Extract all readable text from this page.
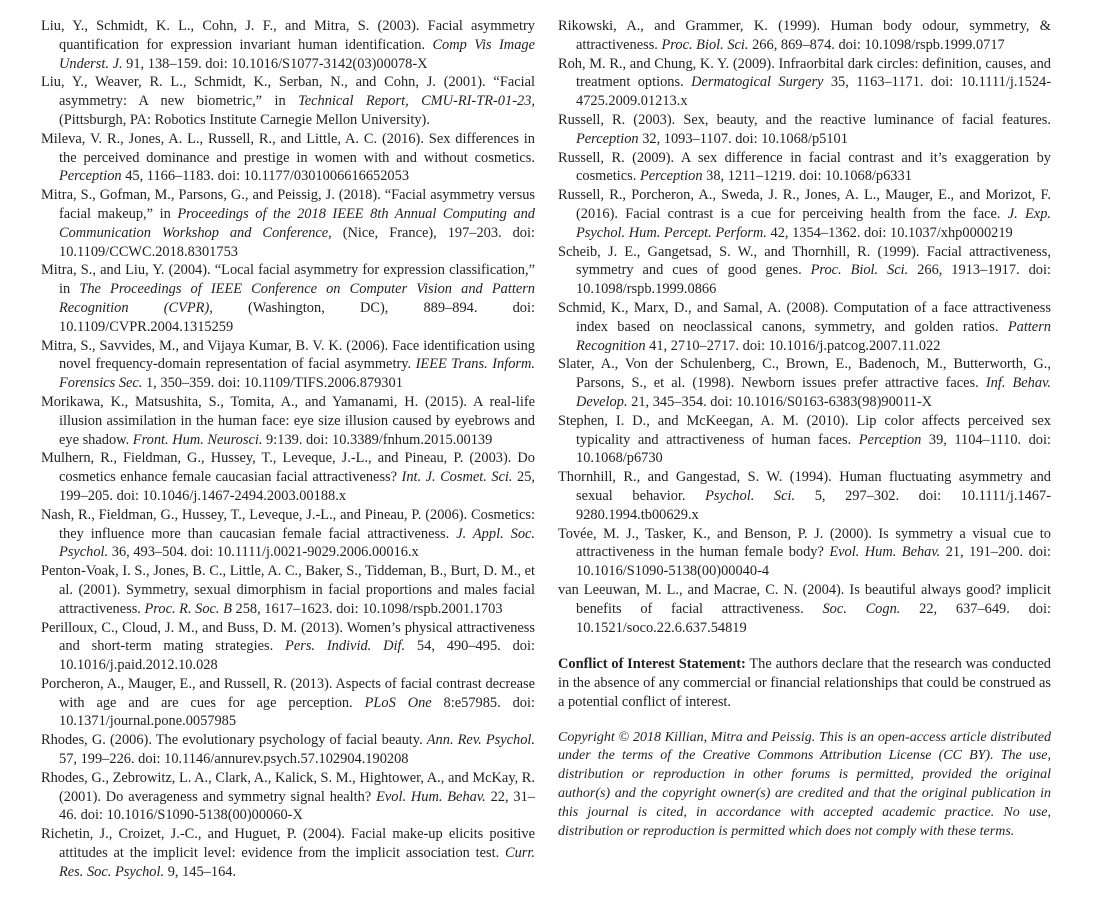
Liu, Y., Schmidt, K. L., Cohn, J. F., and Mitra, S. (2003). Facial asymmetry quantification for expression invariant human identification. Comp Vis Image Underst. J. 91, 138–159. doi: 10.1016/S1077-3142(03)00078-X

Liu, Y., Weaver, R. L., Schmidt, K., Serban, N., and Cohn, J. (2001). “Facial asymmetry: A new biometric,” in Technical Report, CMU-RI-TR-01-23, (Pittsburgh, PA: Robotics Institute Carnegie Mellon University).

Mileva, V. R., Jones, A. L., Russell, R., and Little, A. C. (2016). Sex differences in the perceived dominance and prestige in women with and without cosmetics. Perception 45, 1166–1183. doi: 10.1177/0301006616652053

Mitra, S., Gofman, M., Parsons, G., and Peissig, J. (2018). “Facial asymmetry versus facial makeup,” in Proceedings of the 2018 IEEE 8th Annual Computing and Communication Workshop and Conference, (Nice, France), 197–203. doi: 10.1109/CCWC.2018.8301753

Mitra, S., and Liu, Y. (2004). “Local facial asymmetry for expression classification,” in The Proceedings of IEEE Conference on Computer Vision and Pattern Recognition (CVPR), (Washington, DC), 889–894. doi: 10.1109/CVPR.2004.1315259

Mitra, S., Savvides, M., and Vijaya Kumar, B. V. K. (2006). Face identification using novel frequency-domain representation of facial asymmetry. IEEE Trans. Inform. Forensics Sec. 1, 350–359. doi: 10.1109/TIFS.2006.879301

Morikawa, K., Matsushita, S., Tomita, A., and Yamanami, H. (2015). A real-life illusion assimilation in the human face: eye size illusion caused by eyebrows and eye shadow. Front. Hum. Neurosci. 9:139. doi: 10.3389/fnhum.2015.00139

Mulhern, R., Fieldman, G., Hussey, T., Leveque, J.-L., and Pineau, P. (2003). Do cosmetics enhance female caucasian facial attractiveness? Int. J. Cosmet. Sci. 25, 199–205. doi: 10.1046/j.1467-2494.2003.00188.x

Nash, R., Fieldman, G., Hussey, T., Leveque, J.-L., and Pineau, P. (2006). Cosmetics: they influence more than caucasian female facial attractiveness. J. Appl. Soc. Psychol. 36, 493–504. doi: 10.1111/j.0021-9029.2006.00016.x

Penton-Voak, I. S., Jones, B. C., Little, A. C., Baker, S., Tiddeman, B., Burt, D. M., et al. (2001). Symmetry, sexual dimorphism in facial proportions and males facial attractiveness. Proc. R. Soc. B 258, 1617–1623. doi: 10.1098/rspb.2001.1703

Perilloux, C., Cloud, J. M., and Buss, D. M. (2013). Women’s physical attractiveness and short-term mating strategies. Pers. Individ. Dif. 54, 490–495. doi: 10.1016/j.paid.2012.10.028

Porcheron, A., Mauger, E., and Russell, R. (2013). Aspects of facial contrast decrease with age and are cues for age perception. PLoS One 8:e57985. doi: 10.1371/journal.pone.0057985

Rhodes, G. (2006). The evolutionary psychology of facial beauty. Ann. Rev. Psychol. 57, 199–226. doi: 10.1146/annurev.psych.57.102904.190208

Rhodes, G., Zebrowitz, L. A., Clark, A., Kalick, S. M., Hightower, A., and McKay, R. (2001). Do averageness and symmetry signal health? Evol. Hum. Behav. 22, 31–46. doi: 10.1016/S1090-5138(00)00060-X

Richetin, J., Croizet, J.-C., and Huguet, P. (2004). Facial make-up elicits positive attitudes at the implicit level: evidence from the implicit association test. Curr. Res. Soc. Psychol. 9, 145–164.

Rikowski, A., and Grammer, K. (1999). Human body odour, symmetry, & attractiveness. Proc. Biol. Sci. 266, 869–874. doi: 10.1098/rspb.1999.0717

Roh, M. R., and Chung, K. Y. (2009). Infraorbital dark circles: definition, causes, and treatment options. Dermatogical Surgery 35, 1163–1171. doi: 10.1111/j.1524-4725.2009.01213.x

Russell, R. (2003). Sex, beauty, and the reactive luminance of facial features. Perception 32, 1093–1107. doi: 10.1068/p5101

Russell, R. (2009). A sex difference in facial contrast and it’s exaggeration by cosmetics. Perception 38, 1211–1219. doi: 10.1068/p6331

Russell, R., Porcheron, A., Sweda, J. R., Jones, A. L., Mauger, E., and Morizot, F. (2016). Facial contrast is a cue for perceiving health from the face. J. Exp. Psychol. Hum. Percept. Perform. 42, 1354–1362. doi: 10.1037/xhp0000219

Scheib, J. E., Gangetsad, S. W., and Thornhill, R. (1999). Facial attractiveness, symmetry and cues of good genes. Proc. Biol. Sci. 266, 1913–1917. doi: 10.1098/rspb.1999.0866

Schmid, K., Marx, D., and Samal, A. (2008). Computation of a face attractiveness index based on neoclassical canons, symmetry, and golden ratios. Pattern Recognition 41, 2710–2717. doi: 10.1016/j.patcog.2007.11.022

Slater, A., Von der Schulenberg, C., Brown, E., Badenoch, M., Butterworth, G., Parsons, S., et al. (1998). Newborn issues prefer attractive faces. Inf. Behav. Develop. 21, 345–354. doi: 10.1016/S0163-6383(98)90011-X

Stephen, I. D., and McKeegan, A. M. (2010). Lip color affects perceived sex typicality and attractiveness of human faces. Perception 39, 1104–1110. doi: 10.1068/p6730

Thornhill, R., and Gangestad, S. W. (1994). Human fluctuating asymmetry and sexual behavior. Psychol. Sci. 5, 297–302. doi: 10.1111/j.1467-9280.1994.tb00629.x

Tovée, M. J., Tasker, K., and Benson, P. J. (2000). Is symmetry a visual cue to attractiveness in the human female body? Evol. Hum. Behav. 21, 191–200. doi: 10.1016/S1090-5138(00)00040-4

van Leeuwan, M. L., and Macrae, C. N. (2004). Is beautiful always good? implicit benefits of facial attractiveness. Soc. Cogn. 22, 637–649. doi: 10.1521/soco.22.6.637.54819

Conflict of Interest Statement: The authors declare that the research was conducted in the absence of any commercial or financial relationships that could be construed as a potential conflict of interest.

Copyright © 2018 Killian, Mitra and Peissig. This is an open-access article distributed under the terms of the Creative Commons Attribution License (CC BY). The use, distribution or reproduction in other forums is permitted, provided the original author(s) and the copyright owner(s) are credited and that the original publication in this journal is cited, in accordance with accepted academic practice. No use, distribution or reproduction is permitted which does not comply with these terms.
